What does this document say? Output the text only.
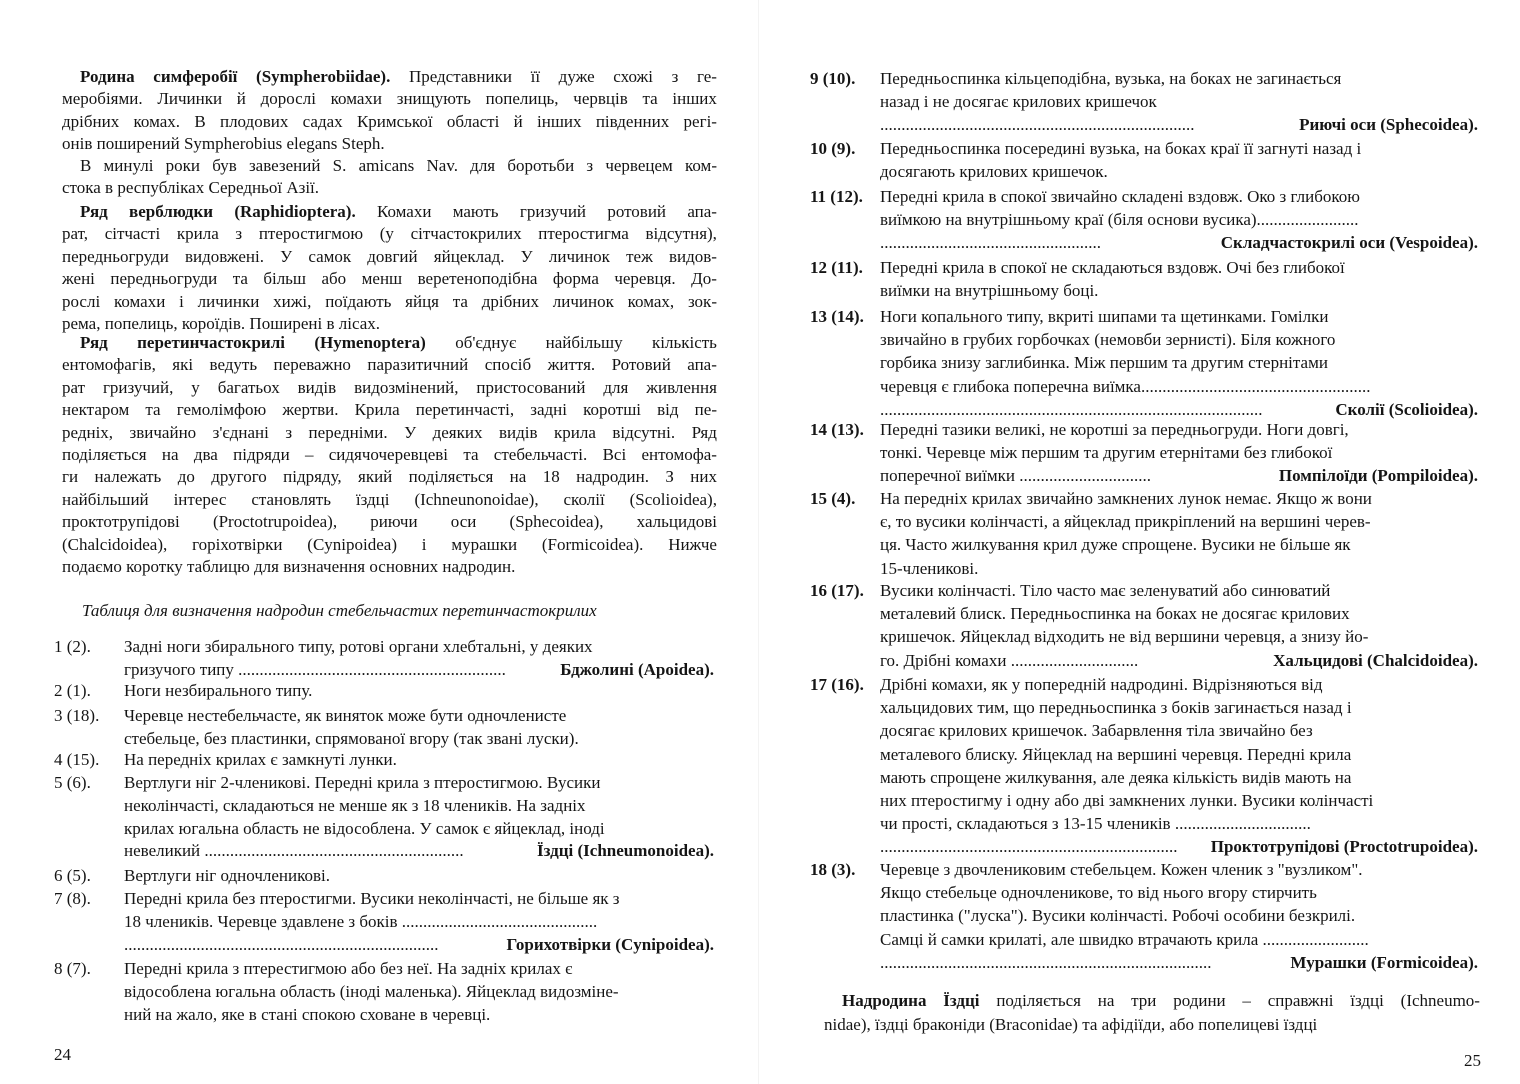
Родина симферобії (Sympherobiidae). Представники її дуже схожі з ге-
меробіями. Личинки й дорослі комахи знищують попелиць, червців та інших
дрібних комах. В плодових садах Кримської області й інших південних регі-
онів поширений Sympherobius elegans Steph.
В минулі роки був завезений S. amicans Nav. для боротьби з червецем ком-
стока в республіках Середньої Азії.
Ряд верблюдки (Raphidioptera). Комахи мають гризучий ротовий апа-
рат, сітчасті крила з птеростигмою (у сітчастокрилих птеростигма відсутня),
передньогруди видовжені. У самок довгий яйцеклад. У личинок теж видов-
жені передньогруди та більш або менш веретеноподібна форма черевця. До-
рослі комахи і личинки хижі, поїдають яйця та дрібних личинок комах, зок-
рема, попелиць, короїдів. Поширені в лісах.
Ряд перетинчастокрилі (Hymenoptera) об'єднує найбільшу кількість
ентомофагів, які ведуть переважно паразитичний спосіб життя. Ротовий апа-
рат гризучий, у багатьох видів видозмінений, пристосований для живлення
нектаром та гемолімфою жертви. Крила перетинчасті, задні коротші від пе-
редніх, звичайно з'єднані з передніми. У деяких видів крила відсутні. Ряд
поділяється на два підряди – сидячочеревцеві та стебельчасті. Всі ентомофа-
ги належать до другого підряду, який поділяється на 18 надродин. З них
найбільший інтерес становлять їздці (Ichneunonoidae), сколії (Scolioidea),
проктотрупідові (Proctotrupoidea), риючи оси (Sphecoidea), хальцидові
(Chalcidoidea), горіхотвірки (Cynipoidea) і мурашки (Formicoidea). Нижче
подаємо коротку таблицю для визначення основних надродин.
Таблиця для визначення надродин стебельчастих перетинчастокрилих
1 (2). Задні ноги збирального типу, ротові органи хлебтальні, у деяких
гризучого типу ...............................................................	Бджолині (Apoidea).
2 (1). Ноги незбирального типу.
3 (18). Черевце нестебельчасте, як виняток може бути одночленисте
стебельце, без пластинки, спрямованої вгору (так звані луски).
4 (15). На передніх крилах є замкнуті лунки.
5 (6). Вертлуги ніг 2-членикові. Передні крила з птеростигмою. Вусики
неколінчасті, складаються не менше як з 18 члеників. На задніх
крилах югальна область не відособлена. У самок є яйцеклад, іноді
невеликий .............................................................	Їздці (Ichneumonoidea).
6 (5). Вертлуги ніг одночленикові.
7 (8). Передні крила без птеростигми. Вусики неколінчасті, не більше як з
18 члеників. Черевце здавлене з боків ..............................................
..........................................................................	Горихотвірки (Cynipoidea).
8 (7). Передні крила з птерестигмою або без неї. На задніх крилах є
відособлена югальна область (іноді маленька). Яйцеклад видозміне-
ний на жало, яке в стані спокою сховане в черевці.
24
9 (10). Передньоспинка кільцеподібна, вузька, на боках не загинається
назад і не досягає крилових кришечок
..........................................................................	Риючі оси (Sphecoidea).
10 (9). Передньоспинка посередині вузька, на боках краї її загнуті назад і
досягають крилових кришечок.
11 (12). Передні крила в спокої звичайно складені вздовж. Око з глибокою
виїмкою на внутрішньому краї (біля основи вусика)........................
....................................................	Складчастокрилі оси (Vespoidea).
12 (11). Передні крила в спокої не складаються вздовж. Очі без глибокої
виїмки на внутрішньому боці.
13 (14). Ноги копального типу, вкриті шипами та щетинками. Гомілки
звичайно в грубих горбочках (немовби зернисті). Біля кожного
горбика знизу заглибинка. Між першим та другим стернітами
черевця є глибока поперечна виїмка......................................................
..........................................................................................	Сколії (Scolioidea).
14 (13). Передні тазики великі, не коротші за передньогруди. Ноги довгі,
тонкі. Черевце між першим та другим етернітами без глибокої
поперечної виїмки ...............................	Помпілоїди (Pompiloidea).
15 (4). На передніх крилах звичайно замкнених лунок немає. Якщо ж вони
є, то вусики колінчасті, а яйцеклад прикріплений на вершині черев-
ця. Часто жилкування крил дуже спрощене. Вусики не більше як
15-членикові.
16 (17). Вусики колінчасті. Тіло часто має зеленуватий або синюватий
металевий блиск. Передньоспинка на боках не досягає крилових
кришечок. Яйцеклад відходить не від вершини черевця, а знизу йо-
го. Дрібні комахи ..............................	Хальцидові (Chalcidoidea).
17 (16). Дрібні комахи, як у попередній надродині. Відрізняються від
хальцидових тим, що передньоспинка з боків загинається назад і
досягає крилових кришечок. Забарвлення тіла звичайно без
металевого блиску. Яйцеклад на вершині черевця. Передні крила
мають спрощене жилкування, але деяка кількість видів мають на
них птеростигму і одну або дві замкнених лунки. Вусики колінчасті
чи прості, складаються з 13-15 члеників ................................
...................................................................... Проктотрупідові (Proctotrupoidea).
18 (3). Черевце з двочлениковим стебельцем. Кожен членик з "вузликом".
Якщо стебельце одночленикове, то від нього вгору стирчить
пластинка ("луска"). Вусики колінчасті. Робочі особини безкрилі.
Самці й самки крилаті, але швидко втрачають крила .........................
..............................................................................	Мурашки (Formicoidea).
Надродина Їздці поділяється на три родини – справжні їздці (Ichneumo-
nidae), їздці браконіди (Braconidae) та афідіїди, або попелицеві їздці
25
